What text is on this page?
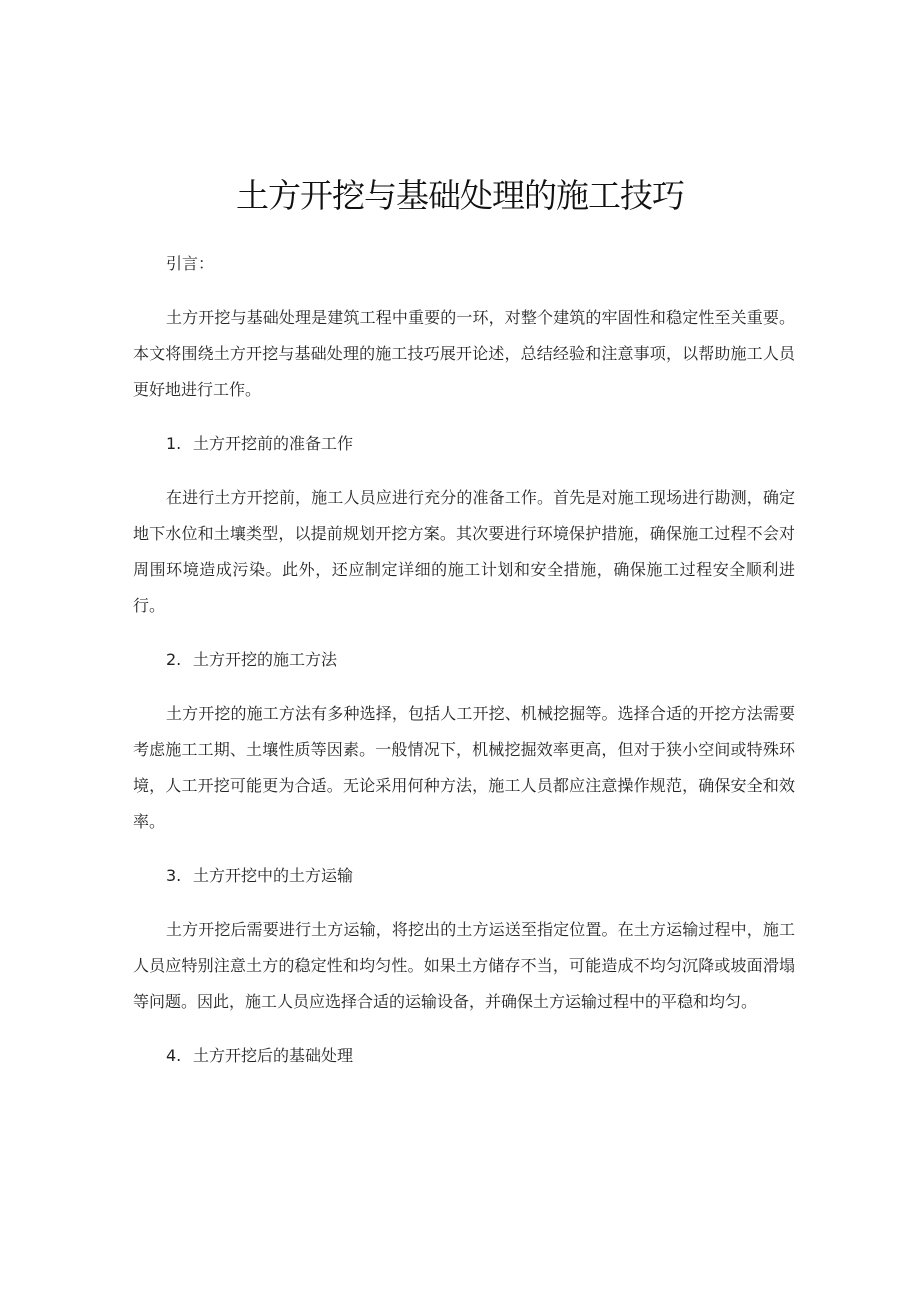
土方开挖与基础处理的施工技巧

引言：

土方开挖与基础处理是建筑工程中重要的一环，对整个建筑的牢固性和稳定性至关重要。本文将围绕土方开挖与基础处理的施工技巧展开论述，总结经验和注意事项，以帮助施工人员更好地进行工作。

1. 土方开挖前的准备工作

在进行土方开挖前，施工人员应进行充分的准备工作。首先是对施工现场进行勘测，确定地下水位和土壤类型，以提前规划开挖方案。其次要进行环境保护措施，确保施工过程不会对周围环境造成污染。此外，还应制定详细的施工计划和安全措施，确保施工过程安全顺利进行。

2. 土方开挖的施工方法

土方开挖的施工方法有多种选择，包括人工开挖、机械挖掘等。选择合适的开挖方法需要考虑施工工期、土壤性质等因素。一般情况下，机械挖掘效率更高，但对于狭小空间或特殊环境，人工开挖可能更为合适。无论采用何种方法，施工人员都应注意操作规范，确保安全和效率。

3. 土方开挖中的土方运输

土方开挖后需要进行土方运输，将挖出的土方运送至指定位置。在土方运输过程中，施工人员应特别注意土方的稳定性和均匀性。如果土方储存不当，可能造成不均匀沉降或坡面滑塌等问题。因此，施工人员应选择合适的运输设备，并确保土方运输过程中的平稳和均匀。

4. 土方开挖后的基础处理
